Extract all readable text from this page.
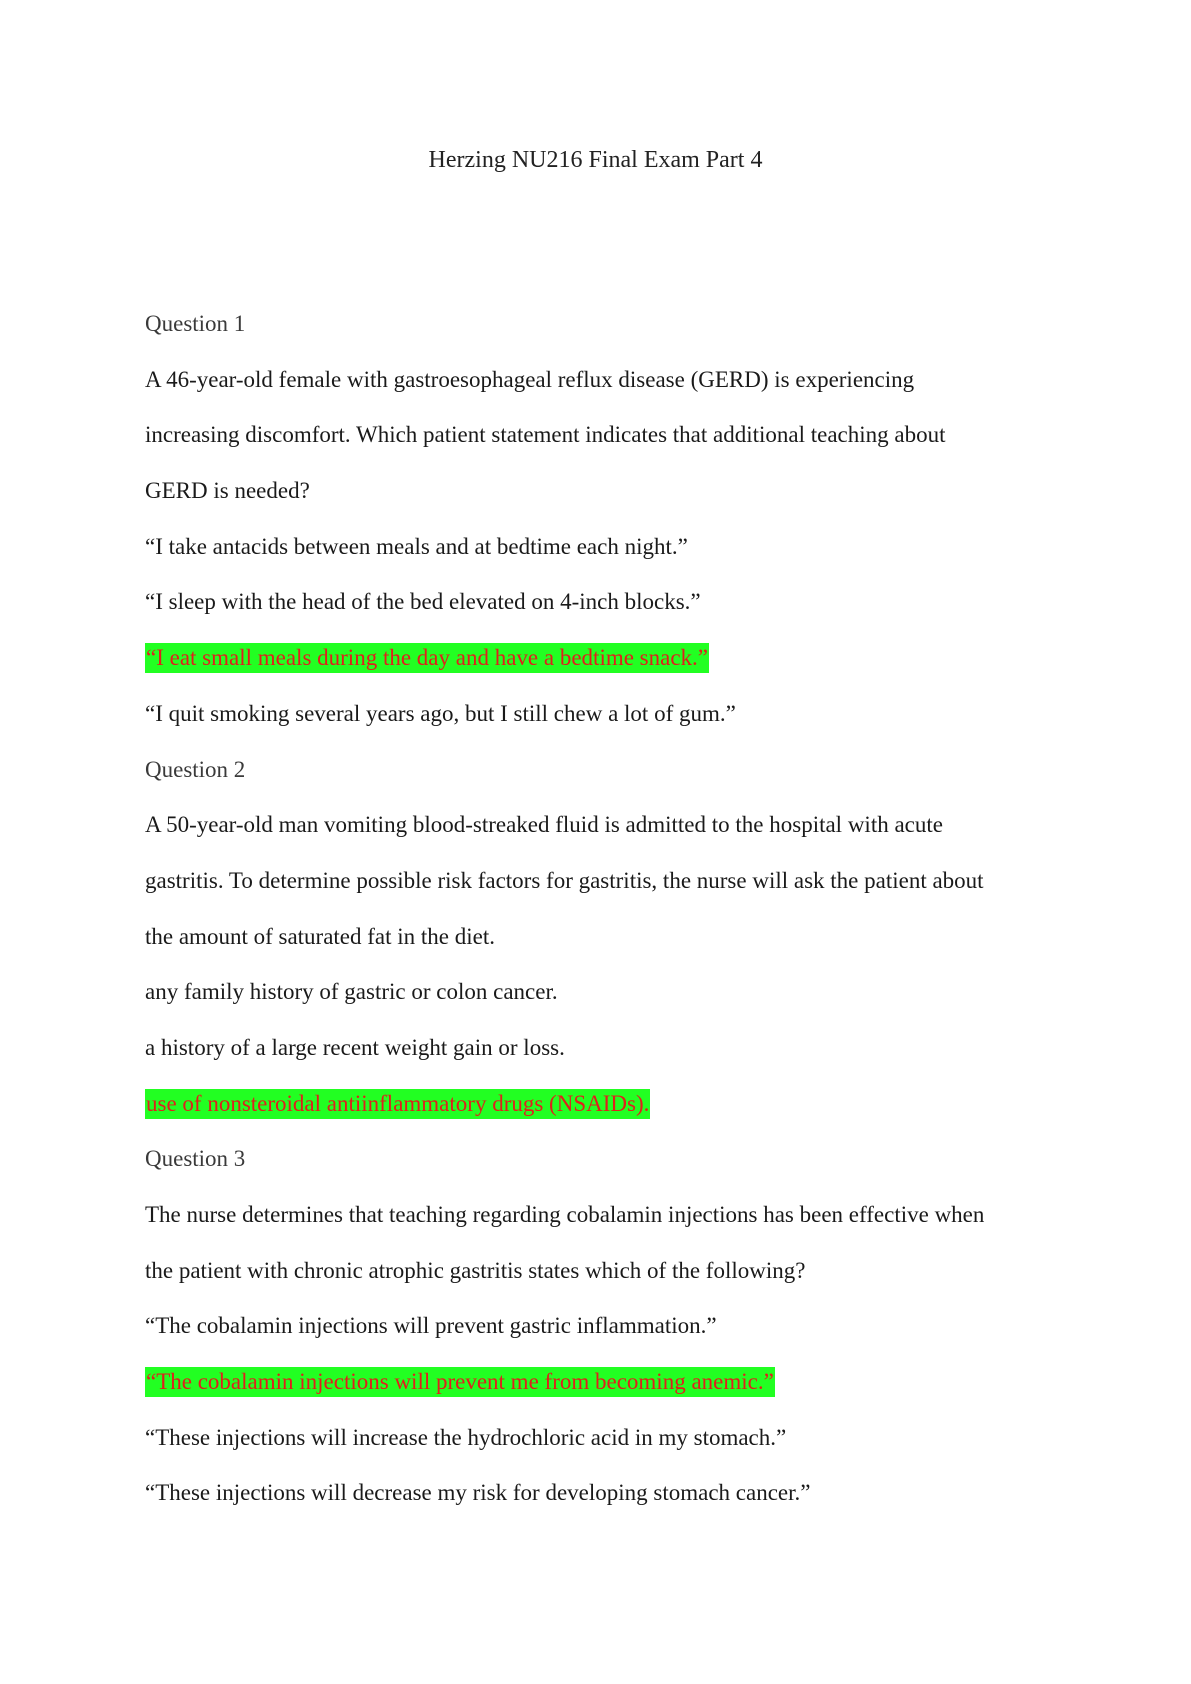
Herzing NU216 Final Exam Part 4
Question 1
A 46-year-old female with gastroesophageal reflux disease (GERD) is experiencing
increasing discomfort. Which patient statement indicates that additional teaching about
GERD is needed?
“I take antacids between meals and at bedtime each night.”
“I sleep with the head of the bed elevated on 4-inch blocks.”
“I eat small meals during the day and have a bedtime snack.”
“I quit smoking several years ago, but I still chew a lot of gum.”
Question 2
A 50-year-old man vomiting blood-streaked fluid is admitted to the hospital with acute
gastritis. To determine possible risk factors for gastritis, the nurse will ask the patient about
the amount of saturated fat in the diet.
any family history of gastric or colon cancer.
a history of a large recent weight gain or loss.
use of nonsteroidal antiinflammatory drugs (NSAIDs).
Question 3
The nurse determines that teaching regarding cobalamin injections has been effective when
the patient with chronic atrophic gastritis states which of the following?
“The cobalamin injections will prevent gastric inflammation.”
“The cobalamin injections will prevent me from becoming anemic.”
“These injections will increase the hydrochloric acid in my stomach.”
“These injections will decrease my risk for developing stomach cancer.”
